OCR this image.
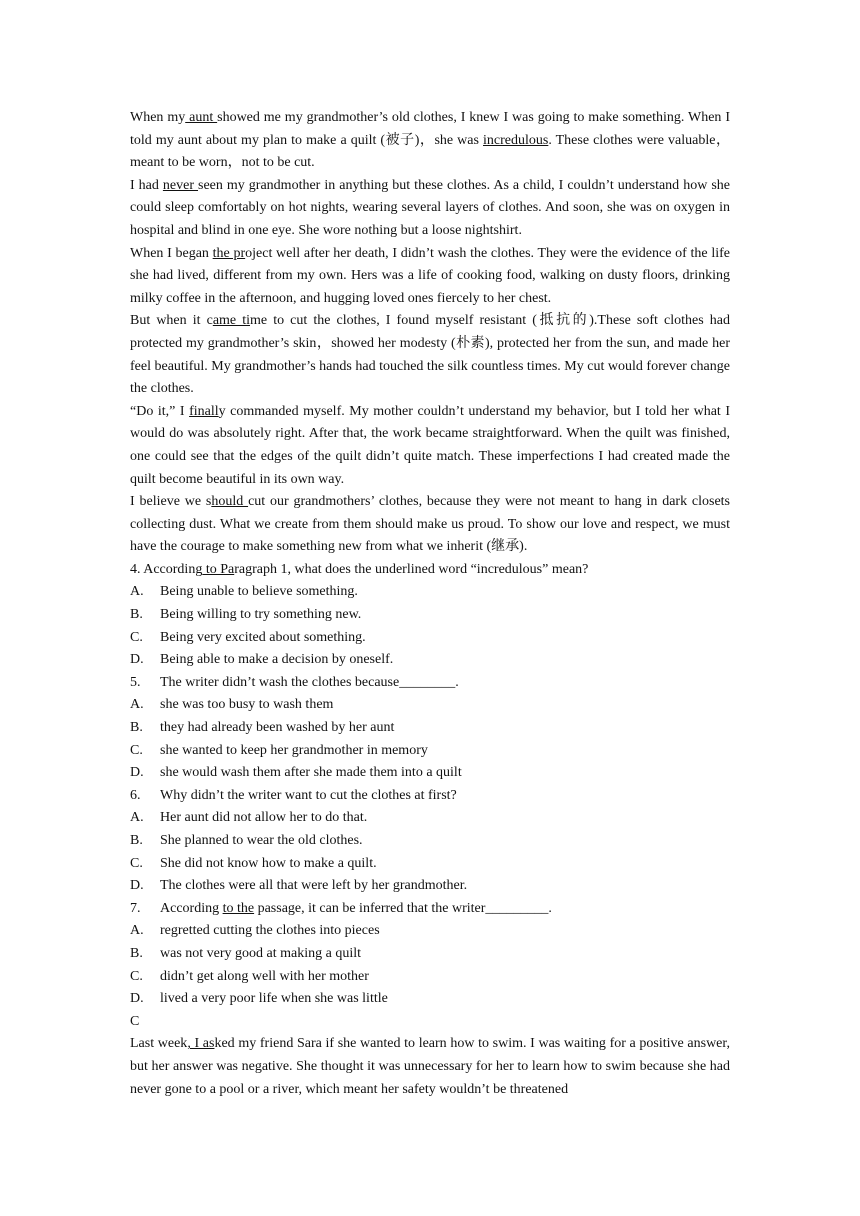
When my aunt showed me my grandmother’s old clothes, I knew I was going to make something. When I told my aunt about my plan to make a quilt (被子)，she was incredulous. These clothes were valuable，meant to be worn，not to be cut.

I had never seen my grandmother in anything but these clothes. As a child, I couldn’t understand how she could sleep comfortably on hot nights, wearing several layers of clothes. And soon, she was on oxygen in hospital and blind in one eye. She wore nothing but a loose nightshirt.

When I began the project well after her death, I didn’t wash the clothes. They were the evidence of the life she had lived, different from my own. Hers was a life of cooking food, walking on dusty floors, drinking milky coffee in the afternoon, and hugging loved ones fiercely to her chest.

But when it came time to cut the clothes, I found myself resistant (抵抗的).These soft clothes had protected my grandmother’s skin，showed her modesty (朴素), protected her from the sun, and made her feel beautiful. My grandmother’s hands had touched the silk countless times. My cut would forever change the clothes.

“Do it,” I finally commanded myself. My mother couldn’t understand my behavior, but I told her what I would do was absolutely right. After that, the work became straightforward. When the quilt was finished, one could see that the edges of the quilt didn’t quite match. These imperfections I had created made the quilt become beautiful in its own way.

I believe we should cut our grandmothers’ clothes, because they were not meant to hang in dark closets collecting dust. What we create from them should make us proud. To show our love and respect, we must have the courage to make something new from what we inherit (继承).

4. According to Paragraph 1, what does the underlined word “incredulous” mean?

A.	Being unable to believe something.

B.	Being willing to try something new.

C.	Being very excited about something.

D.	Being able to make a decision by oneself.

5.	The writer didn’t wash the clothes because________.

A.	she was too busy to wash them

B.	they had already been washed by her aunt

C.	she wanted to keep her grandmother in memory

D.	she would wash them after she made them into a quilt

6.	Why didn’t the writer want to cut the clothes at first?

A.	Her aunt did not allow her to do that.

B.	She planned to wear the old clothes.

C.	She did not know how to make a quilt.

D.	The clothes were all that were left by her grandmother.

7.	According to the passage, it can be inferred that the writer_________.

A.	regretted cutting the clothes into pieces

B.	was not very good at making a quilt

C.	didn’t get along well with her mother

D.	lived a very poor life when she was little

C

Last week, I asked my friend Sara if she wanted to learn how to swim. I was waiting for a positive answer, but her answer was negative. She thought it was unnecessary for her to learn how to swim because she had never gone to a pool or a river, which meant her safety wouldn’t be threatened
